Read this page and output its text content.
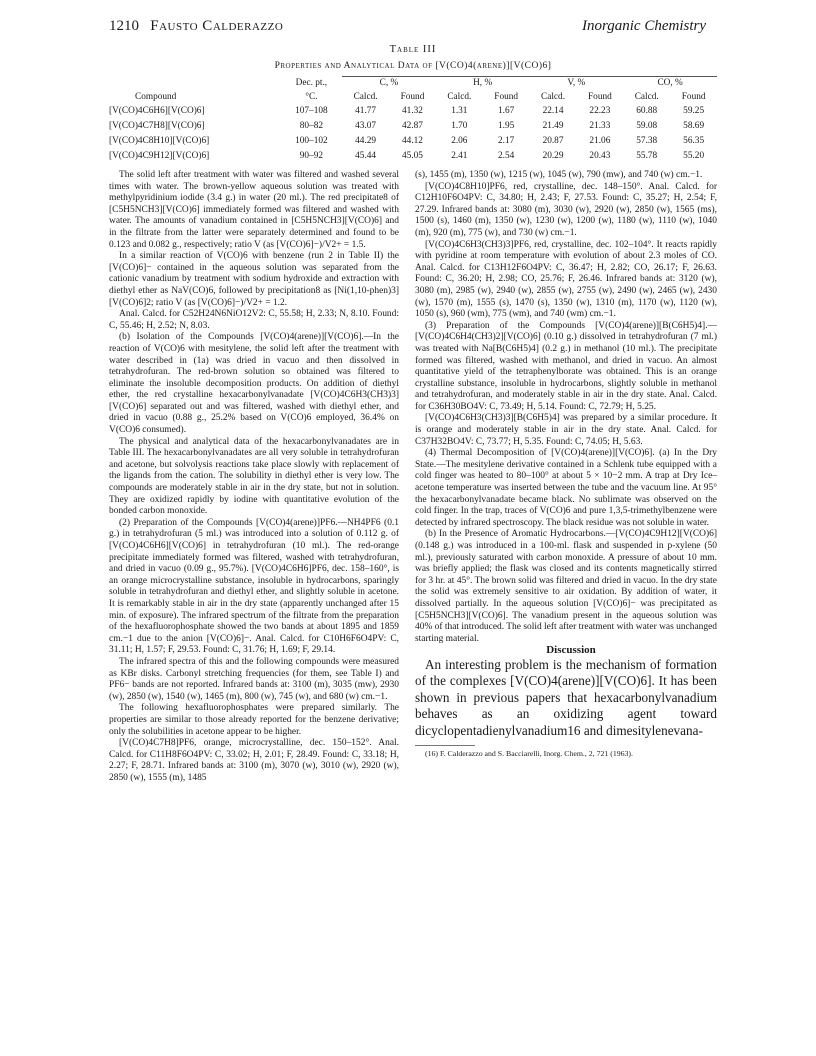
1210 Fausto Calderazzo	Inorganic Chemistry
Table III
Properties and Analytical Data of [V(CO)4(arene)][V(CO)6]
	Dec. pt.,	C, %		H, %		V, %		CO, %	
Compound	°C.	Calcd.	Found	Calcd.	Found	Calcd.	Found	Calcd.	Found
[V(CO)4C6H6][V(CO)6]	107–108	41.77	41.32	1.31	1.67	22.14	22.23	60.88	59.25
[V(CO)4C7H8][V(CO)6]	80–82	43.07	42.87	1.70	1.95	21.49	21.33	59.08	58.69
[V(CO)4C8H10][V(CO)6]	100–102	44.29	44.12	2.06	2.17	20.87	21.06	57.38	56.35
[V(CO)4C9H12][V(CO)6]	90–92	45.44	45.05	2.41	2.54	20.29	20.43	55.78	55.20

The solid left after treatment with water was filtered and washed several times with water. The brown-yellow aqueous solution was treated with methylpyridinium iodide (3.4 g.) in water (20 ml.). The red precipitate8 of [C5H5NCH3][V(CO)6] immediately formed was filtered and washed with water. The amounts of vanadium contained in [C5H5NCH3][V(CO)6] and in the filtrate from the latter were separately determined and found to be 0.123 and 0.082 g., respectively; ratio V (as [V(CO)6]−)/V2+ = 1.5.

In a similar reaction of V(CO)6 with benzene (run 2 in Table II) the [V(CO)6]− contained in the aqueous solution was separated from the cationic vanadium by treatment with sodium hydroxide and extraction with diethyl ether as NaV(CO)6, followed by precipitation8 as [Ni(1,10-phen)3][V(CO)6]2; ratio V (as [V(CO)6]−)/V2+ = 1.2.

Anal. Calcd. for C52H24N6NiO12V2: C, 55.58; H, 2.33; N, 8.10. Found: C, 55.46; H, 2.52; N, 8.03.

(b) Isolation of the Compounds [V(CO)4(arene)][V(CO)6].—In the reaction of V(CO)6 with mesitylene, the solid left after the treatment with water described in (1a) was dried in vacuo and then dissolved in tetrahydrofuran. The red-brown solution so obtained was filtered to eliminate the insoluble decomposition products. On addition of diethyl ether, the red crystalline hexacarbonylvanadate [V(CO)4C6H3(CH3)3][V(CO)6] separated out and was filtered, washed with diethyl ether, and dried in vacuo (0.88 g., 25.2% based on V(CO)6 employed, 36.4% on V(CO)6 consumed).

The physical and analytical data of the hexacarbonylvanadates are in Table III. The hexacarbonylvanadates are all very soluble in tetrahydrofuran and acetone, but solvolysis reactions take place slowly with replacement of the ligands from the cation. The solubility in diethyl ether is very low. The compounds are moderately stable in air in the dry state, but not in solution. They are oxidized rapidly by iodine with quantitative evolution of the bonded carbon monoxide.

(2) Preparation of the Compounds [V(CO)4(arene)]PF6.—NH4PF6 (0.1 g.) in tetrahydrofuran (5 ml.) was introduced into a solution of 0.112 g. of [V(CO)4C6H6][V(CO)6] in tetrahydrofuran (10 ml.). The red-orange precipitate immediately formed was filtered, washed with tetrahydrofuran, and dried in vacuo (0.09 g., 95.7%). [V(CO)4C6H6]PF6, dec. 158–160°, is an orange microcrystalline substance, insoluble in hydrocarbons, sparingly soluble in tetrahydrofuran and diethyl ether, and slightly soluble in acetone. It is remarkably stable in air in the dry state (apparently unchanged after 15 min. of exposure). The infrared spectrum of the filtrate from the preparation of the hexafluorophosphate showed the two bands at about 1895 and 1859 cm.−1 due to the anion [V(CO)6]−. Anal. Calcd. for C10H6F6O4PV: C, 31.11; H, 1.57; F, 29.53. Found: C, 31.76; H, 1.69; F, 29.14.

The infrared spectra of this and the following compounds were measured as KBr disks. Carbonyl stretching frequencies (for them, see Table I) and PF6− bands are not reported. Infrared bands at: 3100 (m), 3035 (mw), 2930 (w), 2850 (w), 1540 (w), 1465 (m), 800 (w), 745 (w), and 680 (w) cm.−1.

The following hexafluorophosphates were prepared similarly. The properties are similar to those already reported for the benzene derivative; only the solubilities in acetone appear to be higher.

[V(CO)4C7H8]PF6, orange, microcrystalline, dec. 150–152°. Anal. Calcd. for C11H8F6O4PV: C, 33.02; H, 2.01; F, 28.49. Found: C, 33.18; H, 2.27; F, 28.71. Infrared bands at: 3100 (m), 3070 (w), 3010 (w), 2920 (w), 2850 (w), 1555 (m), 1485

(s), 1455 (m), 1350 (w), 1215 (w), 1045 (w), 790 (mw), and 740 (w) cm.−1.

[V(CO)4C8H10]PF6, red, crystalline, dec. 148–150°. Anal. Calcd. for C12H10F6O4PV: C, 34.80; H, 2.43; F, 27.53. Found: C, 35.27; H, 2.54; F, 27.29. Infrared bands at: 3080 (m), 3030 (w), 2920 (w), 2850 (w), 1565 (ms), 1500 (s), 1460 (m), 1350 (w), 1230 (w), 1200 (w), 1180 (w), 1110 (w), 1040 (m), 920 (m), 775 (w), and 730 (w) cm.−1.

[V(CO)4C6H3(CH3)3]PF6, red, crystalline, dec. 102–104°. It reacts rapidly with pyridine at room temperature with evolution of about 2.3 moles of CO. Anal. Calcd. for C13H12F6O4PV: C, 36.47; H, 2.82; CO, 26.17; F, 26.63. Found: C, 36.20; H, 2.98; CO, 25.76; F, 26.46. Infrared bands at: 3120 (w), 3080 (m), 2985 (w), 2940 (w), 2855 (w), 2755 (w), 2490 (w), 2465 (w), 2430 (w), 1570 (m), 1555 (s), 1470 (s), 1350 (w), 1310 (m), 1170 (w), 1120 (w), 1050 (s), 960 (wm), 775 (wm), and 740 (wm) cm.−1.

(3) Preparation of the Compounds [V(CO)4(arene)][B(C6H5)4].—[V(CO)4C6H4(CH3)2][V(CO)6] (0.10 g.) dissolved in tetrahydrofuran (7 ml.) was treated with Na[B(C6H5)4] (0.2 g.) in methanol (10 ml.). The precipitate formed was filtered, washed with methanol, and dried in vacuo. An almost quantitative yield of the tetraphenylborate was obtained. This is an orange crystalline substance, insoluble in hydrocarbons, slightly soluble in methanol and tetrahydrofuran, and moderately stable in air in the dry state. Anal. Calcd. for C36H30BO4V: C, 73.49; H, 5.14. Found: C, 72.79; H, 5.25.

[V(CO)4C6H3(CH3)3][B(C6H5)4] was prepared by a similar procedure. It is orange and moderately stable in air in the dry state. Anal. Calcd. for C37H32BO4V: C, 73.77; H, 5.35. Found: C, 74.05; H, 5.63.

(4) Thermal Decomposition of [V(CO)4(arene)][V(CO)6]. (a) In the Dry State.—The mesitylene derivative contained in a Schlenk tube equipped with a cold finger was heated to 80–100° at about 5 × 10−2 mm. A trap at Dry Ice–acetone temperature was inserted between the tube and the vacuum line. At 95° the hexacarbonylvanadate became black. No sublimate was observed on the cold finger. In the trap, traces of V(CO)6 and pure 1,3,5-trimethylbenzene were detected by infrared spectroscopy. The black residue was not soluble in water.

(b) In the Presence of Aromatic Hydrocarbons.—[V(CO)4C9H12][V(CO)6] (0.148 g.) was introduced in a 100-ml. flask and suspended in p-xylene (50 ml.), previously saturated with carbon monoxide. A pressure of about 10 mm. was briefly applied; the flask was closed and its contents magnetically stirred for 3 hr. at 45°. The brown solid was filtered and dried in vacuo. In the dry state the solid was extremely sensitive to air oxidation. By addition of water, it dissolved partially. In the aqueous solution [V(CO)6]− was precipitated as [C5H5NCH3][V(CO)6]. The vanadium present in the aqueous solution was 40% of that introduced. The solid left after treatment with water was unchanged starting material.

Discussion

An interesting problem is the mechanism of formation of the complexes [V(CO)4(arene)][V(CO)6]. It has been shown in previous papers that hexacarbonylvanadium behaves as an oxidizing agent toward dicyclopentadienylvanadium16 and dimesitylenevana-

(16) F. Calderazzo and S. Bacciarelli, Inorg. Chem., 2, 721 (1963).
